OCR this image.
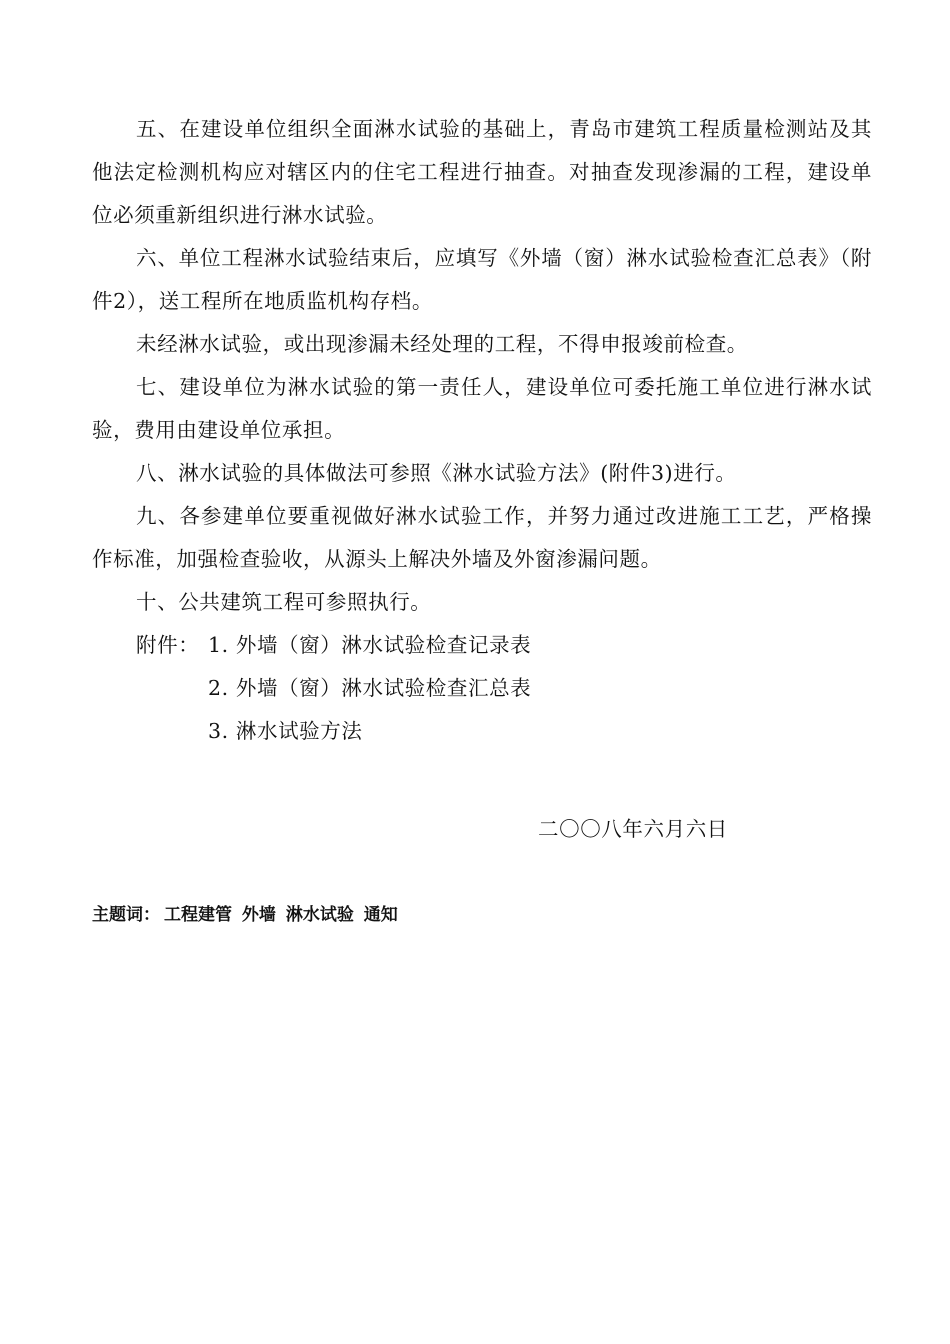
五、在建设单位组织全面淋水试验的基础上，青岛市建筑工程质量检测站及其他法定检测机构应对辖区内的住宅工程进行抽查。对抽查发现渗漏的工程，建设单位必须重新组织进行淋水试验。

六、单位工程淋水试验结束后，应填写《外墙（窗）淋水试验检查汇总表》（附件2），送工程所在地质监机构存档。

未经淋水试验，或出现渗漏未经处理的工程，不得申报竣前检查。

七、建设单位为淋水试验的第一责任人，建设单位可委托施工单位进行淋水试验，费用由建设单位承担。

八、淋水试验的具体做法可参照《淋水试验方法》(附件3)进行。

九、各参建单位要重视做好淋水试验工作，并努力通过改进施工工艺，严格操作标准，加强检查验收，从源头上解决外墙及外窗渗漏问题。

十、公共建筑工程可参照执行。

附件： 1. 外墙（窗）淋水试验检查记录表
2. 外墙（窗）淋水试验检查汇总表
3. 淋水试验方法
二〇〇八年六月六日
主题词： 工程建管 外墙 淋水试验 通知
